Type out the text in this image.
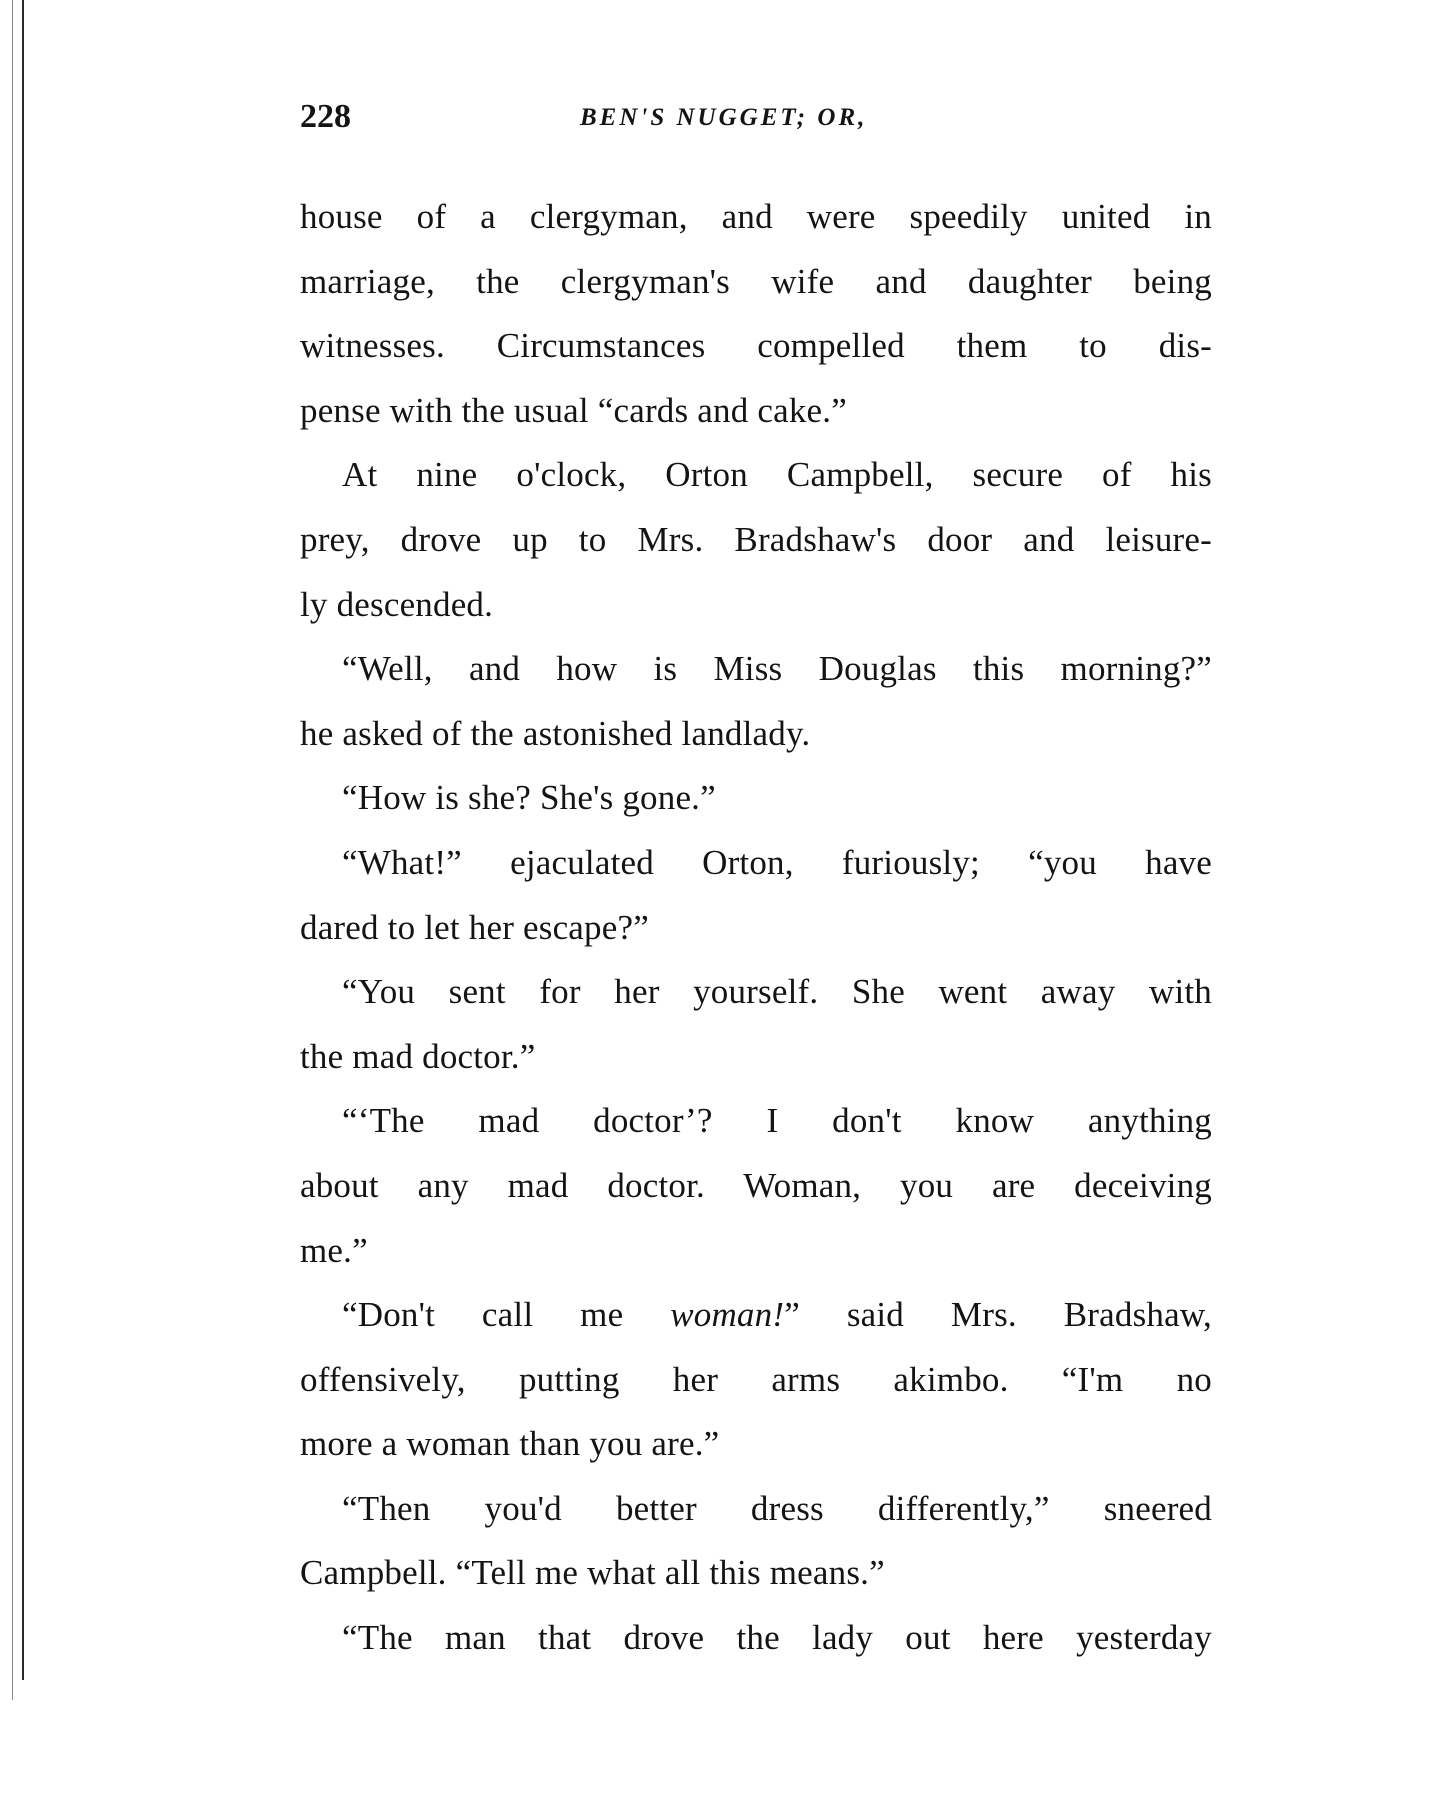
228	BEN'S NUGGET; OR,
house of a clergyman, and were speedily united in
marriage, the clergyman's wife and daughter being
witnesses. Circumstances compelled them to dis-
pense with the usual “cards and cake.”
At nine o'clock, Orton Campbell, secure of his
prey, drove up to Mrs. Bradshaw's door and leisure-
ly descended.
“Well, and how is Miss Douglas this morning?”
he asked of the astonished landlady.
“How is she? She's gone.”
“What!” ejaculated Orton, furiously; “you have
dared to let her escape?”
“You sent for her yourself. She went away with
the mad doctor.”
“‘The mad doctor’? I don't know anything
about any mad doctor. Woman, you are deceiving
me.”
“Don't call me woman!” said Mrs. Bradshaw,
offensively, putting her arms akimbo. “I'm no
more a woman than you are.”
“Then you'd better dress differently,” sneered
Campbell. “Tell me what all this means.”
“The man that drove the lady out here yesterday
